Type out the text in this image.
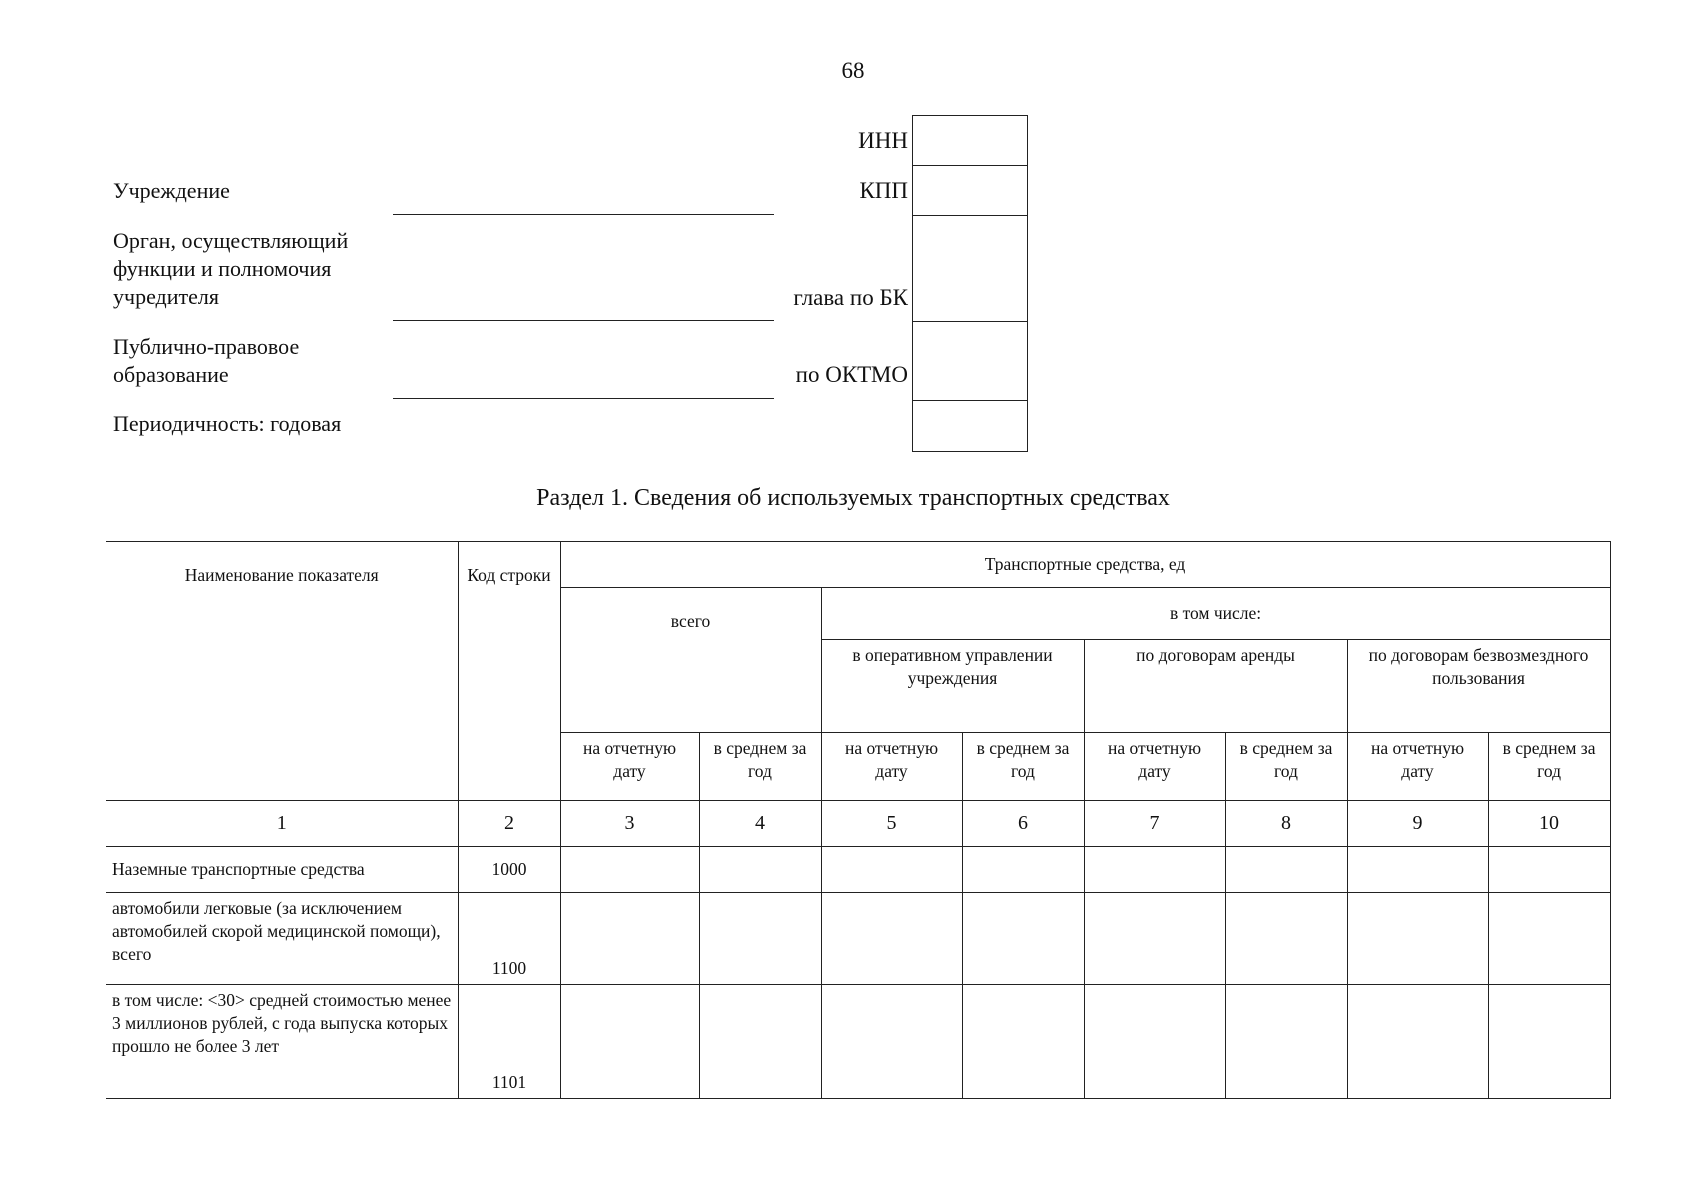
68
Учреждение
Орган, осуществляющий функции и полномочия учредителя
Публично-правовое образование
Периодичность: годовая
ИНН
КПП
глава по БК
по ОКТМО
Раздел 1. Сведения об используемых транспортных средствах
Наименование показателя	Код строки	Транспортные средства, ед							
		всего		в том числе:					
				в оперативном управлении учреждения		по договорам аренды		по договорам безвозмездного пользования	
		на отчетную дату	в среднем за год	на отчетную дату	в среднем за год	на отчетную дату	в среднем за год	на отчетную дату	в среднем за год
1	2	3	4	5	6	7	8	9	10
Наземные транспортные средства	1000								
автомобили легковые (за исключением автомобилей скорой медицинской помощи), всего	1100								
в том числе: <30> средней стоимостью менее 3 миллионов рублей, с года выпуска которых прошло не более 3 лет	1101								
